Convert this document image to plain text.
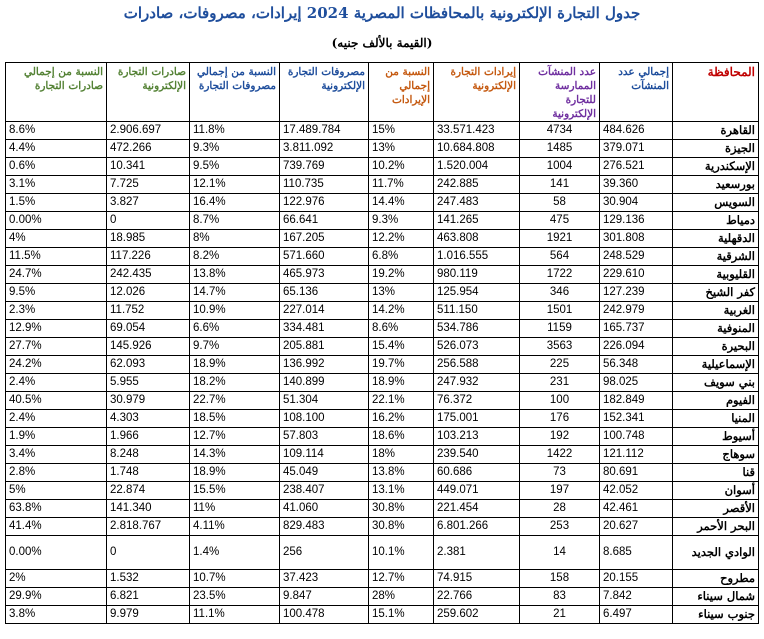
جدول التجارة الإلكترونية بالمحافظات المصرية 2024 إيرادات، مصروفات، صادرات
(القيمة بالألف جنيه)
المحافظة	إجمالي عدد المنشآت	عدد المنشآت الممارسة للتجارة الإلكترونية	إيرادات التجارة الإلكترونية	النسبة من إجمالي الإيرادات	مصروفات التجارة الإلكترونية	النسبة من إجمالي مصروفات التجارة	صادرات التجارة الإلكترونية	النسبة من إجمالي صادرات التجارة
القاهرة	484.626	4734	33.571.423	15%	17.489.784	11.8%	2.906.697	8.6%
الجيزة	379.071	1485	10.684.808	13%	3.811.092	9.3%	472.266	4.4%
الإسكندرية	276.521	1004	1.520.004	10.2%	739.769	9.5%	10.341	0.6%
بورسعيد	39.360	141	242.885	11.7%	110.735	12.1%	7.725	3.1%
السويس	30.904	58	247.483	14.4%	122.976	16.4%	3.827	1.5%
دمياط	129.136	475	141.265	9.3%	66.641	8.7%	0	0.00%
الدقهلية	301.808	1921	463.808	12.2%	167.205	8%	18.985	4%
الشرقية	248.529	564	1.016.555	6.8%	571.660	8.2%	117.226	11.5%
القليوبية	229.610	1722	980.119	19.2%	465.973	13.8%	242.435	24.7%
كفر الشيخ	127.239	346	125.954	13%	65.136	14.7%	12.026	9.5%
الغربية	242.979	1501	511.150	14.2%	227.014	10.9%	11.752	2.3%
المنوفية	165.737	1159	534.786	8.6%	334.481	6.6%	69.054	12.9%
البحيرة	226.094	3563	526.073	15.4%	205.881	9.7%	145.926	27.7%
الإسماعيلية	56.348	225	256.588	19.7%	136.992	18.9%	62.093	24.2%
بني سويف	98.025	231	247.932	18.9%	140.899	18.2%	5.955	2.4%
الفيوم	182.849	100	76.372	22.1%	51.304	22.7%	30.979	40.5%
المنيا	152.341	176	175.001	16.2%	108.100	18.5%	4.303	2.4%
أسيوط	100.748	192	103.213	18.6%	57.803	12.7%	1.966	1.9%
سوهاج	121.112	1422	239.540	18%	109.114	14.3%	8.248	3.4%
قنا	80.691	73	60.686	13.8%	45.049	18.9%	1.748	2.8%
أسوان	42.052	197	449.071	13.1%	238.407	15.5%	22.874	5%
الأقصر	42.461	28	221.454	30.8%	41.060	11%	141.340	63.8%
البحر الأحمر	20.627	253	6.801.266	30.8%	829.483	4.11%	2.818.767	41.4%
الوادي الجديد	8.685	14	2.381	10.1%	256	1.4%	0	0.00%
مطروح	20.155	158	74.915	12.7%	37.423	10.7%	1.532	2%
شمال سيناء	7.842	83	22.766	28%	9.847	23.5%	6.821	29.9%
جنوب سيناء	6.497	21	259.602	15.1%	100.478	11.1%	9.979	3.8%
